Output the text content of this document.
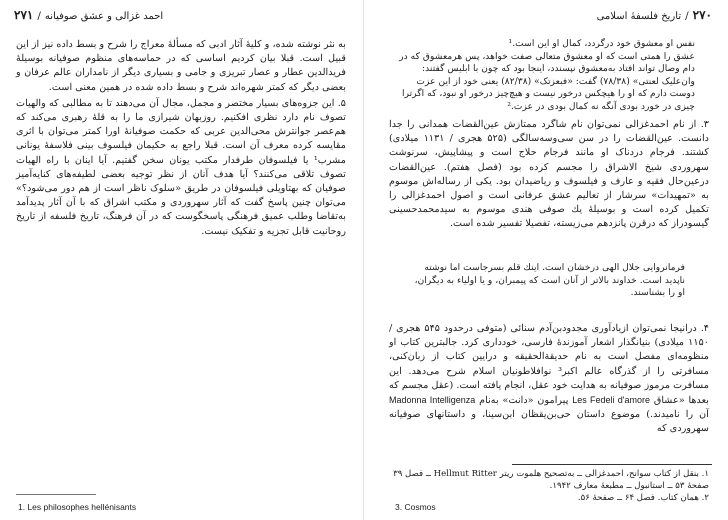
۲۷۱ / احمد غزالی و عشق صوفیانه

به نثر نوشته شده، و کلیهٔ آثار ادبی که مسألهٔ معراج را شرح و بسط داده نیز از این قبیل است. قبلا بیان کردیم اساسی که در حماسه‌های منظوم صوفیانه بوسیلهٔ فریدالدین عطار و عصار تبریزی و جامی و بسیاری دیگر از نامداران عالم عرفان و بعضی دیگر که کمتر شهره‌اند شرح و بسط داده شده در همین معنی است.

۵. این جزوه‌های بسیار مختصر و مجمل، مجال آن می‌دهند تا به مطالبی که والهیات تصوف نام دارد نظری افکنیم. روزبهان شیرازی ما را به قلهٔ رهبری می‌کند که هم‌عصر جوانترش محی‌الدین عربی که حکمت صوفیانهٔ اورا کمتر می‌توان با اثری مقایسه کرده معرف آن است. قبلا راجع به حکیمان فیلسوف بینی فلاسفهٔ یونانی مشرب¹ یا فیلسوفان طرفدار مکتب یونان سخن گفتیم. آیا اینان با راه الهیات تصوف تلاقی می‌کنند؟ آیا هدف آنان از نظر توجیه بعضی لطیفه‌های کنایه‌آمیز صوفیان که بهتاویلی فیلسوفان در طریق «سلوک ناظر است از هم دور می‌شود؟» می‌توان چنین پاسخ گفت که آثار سهروردی و مکتب اشراق که با آن آثار پدیدآمد به‌تقاضا وطلب عمیق فرهنگی پاسخگوست که در آن فرهنگ، تاریخ فلسفه از تاریخ روحانیت قابل تجزیه و تفکیک نیست.

1. Les philosophes hellénisants
۲۷۰/تاریخ فلسفهٔ اسلامی

نفس او معشوق خود درگردد، کمال او این است.¹

عشق را همتی است که او معشوق متعالی صفت خواهد، پس هرمعشوق که در دام وصال تواند افتاد به‌معشوق نپسندد، اینجا بود که چون با ابلیس گفتند: وان‌علیک لعنتی» (۷۸/۳۸) گفت: «فبعزتک» (۸۲/۳۸) یعنی خود از این عزت دوست دارم که او را هیچکس درخور نیست و هیچ‌چیز درخور او نبود، که اگرترا چیزی در خورد بودی آنگه نه کمال بودی در عزت.²

۳. از نام احمدغزالی نمی‌توان نام شاگرد ممتازش عین‌القضات همدانی را جدا دانست. عین‌القضات را در سن سی‌وسه‌سالگی (۵۲۵ هجری / ۱۱۳۱ میلادی) کشتند. فرجام دردناک او مانند فرجام حلاج است و پیشاپیش، سرنوشت سهروردی شیخ الاشراق را مجسم کرده بود (فصل هفتم). عین‌القضات درعین‌حال فقیه و عارف و فیلسوف و ریاضیدان بود. یکی از رساله‌اش موسوم به «تمهیدات» سرشار از تعالیم عشق عرفانی است و اصول احمدغزالی را تکمیل کرده است و بوسیلهٔ یك صوفی هندی موسوم به سیدمحمدحسینی گیسودراز که درقرن پانزدهم می‌زیسته، تفصیلا تفسیر شده است.

فرمانروایی جلال الهی درخشان است. اینك قلم بسرجاست اما نوشته ناپدید است. خداوند بالاتر از آنان است که پیمبران، و یا اولیاء به دیگران، او را بشناسند.

۴. درانیجا نمی‌توان ازیادآوری مجدودبن‌آدم سنائی (متوفی درحدود ۵۴۵ هجری / ۱۱۵۰ میلادی) بنیانگذار اشعار آموزندهٔ فارسی، خودداری کرد. جالبترین کتاب او منظومه‌ای مفصل است به نام حدیقةالحقیقه و درایین کتاب از زبان‌کنی، مسافرتی را از گذرگاه عالم اکبر³ نوافلاطونیان اسلام شرح می‌دهد. این مسافرت مرموز صوفیانه به هدایت خود عقل، انجام یافته است. (عقل مجسم که بعدها «عشاق Les Fedeli d'amore پیرامون «دانت» به‌نام Madonna Intelligenza آن را نامیدند.) موضوع داستان حی‌بن‌یقظان ابن‌سینا، و داستانهای صوفیانه سهروردی که
۱. بنقل از کتاب سوانح، احمدغزالی ــ به‌تصحیح هلموت ریتر Hellmut Ritter ــ فصل ۳۹ صفحهٔ ۵۳ ــ استانبول ــ مطبعهٔ معارف ۱۹۴۲.
۲. همان کتاب. فصل ۶۴ ــ صفحهٔ ۵۶.
3. Cosmos
